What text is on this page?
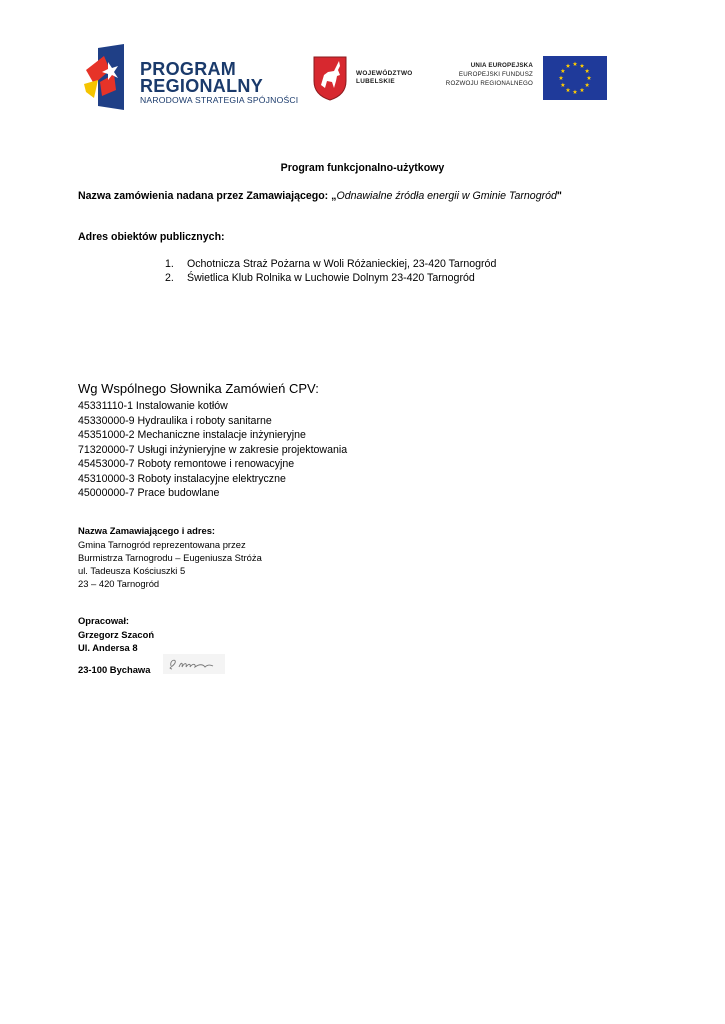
PROGRAM
REGIONALNY
NARODOWA STRATEGIA SPÓJNOŚCI
WOJEWÓDZTWO
LUBELSKIE
UNIA EUROPEJSKA
EUROPEJSKI FUNDUSZ
ROZWOJU REGIONALNEGO
Program funkcjonalno-użytkowy
Nazwa zamówienia nadana przez Zamawiającego: „Odnawialne źródła energii w Gminie Tarnogród"
Adres obiektów publicznych:
1. Ochotnicza Straż Pożarna w Woli Różanieckiej, 23-420 Tarnogród
2. Świetlica Klub Rolnika w Luchowie Dolnym 23-420 Tarnogród
Wg Wspólnego Słownika Zamówień CPV:
45331110-1 Instalowanie kotłów
45330000-9 Hydraulika i roboty sanitarne
45351000-2 Mechaniczne instalacje inżynieryjne
71320000-7 Usługi inżynieryjne w zakresie projektowania
45453000-7 Roboty remontowe i renowacyjne
45310000-3 Roboty instalacyjne elektryczne
45000000-7 Prace budowlane
Nazwa Zamawiającego i adres:
Gmina Tarnogród reprezentowana przez
Burmistrza Tarnogrodu – Eugeniusza Stróża
ul. Tadeusza Kościuszki 5
23 – 420 Tarnogród
Opracował:
Grzegorz Szacoń
Ul. Andersa 8
23-100 Bychawa
